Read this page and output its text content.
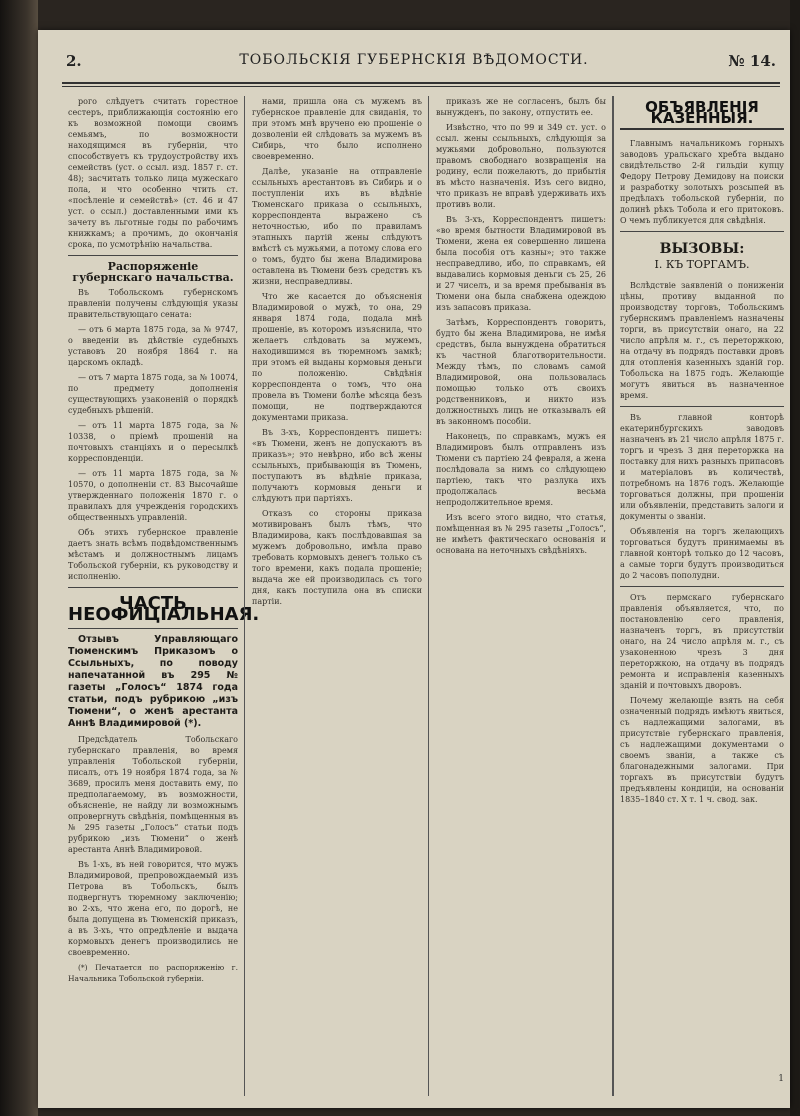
2.	ТОБОЛЬСКІЯ ГУБЕРНСКІЯ ВѢДОМОСТИ.	№ 14.

рого слѣдуетъ считать горестное сестеръ, приближающія состоянію его къ возможной помощи своимъ семьямъ, по возможности находящимся въ губерніи, что способствуетъ къ трудоустройству ихъ семействъ (уст. о ссыл. изд. 1857 г. ст. 48); засчитать только лица мужескаго пола, и что особенно чтить ст. «посѣленіе и семействѣ» (ст. 46 и 47 уст. о ссыл.) доставленными ими къ зачету въ льготные годы по рабочимъ книжкамъ; а прочимъ, до окончанія срока, по усмотрѣнію начальства.

Распоряженіе губернскаго начальства.

Въ Тобольскомъ губернскомъ правленіи получены слѣдующія указы правительствующаго сената:

— отъ 6 марта 1875 года, за № 9747, о введеніи въ дѣйствіе судебныхъ уставовъ 20 ноября 1864 г. на царскомъ окладѣ.

— отъ 7 марта 1875 года, за № 10074, по предмету дополненія существующихъ узаконеній о порядкѣ судебныхъ рѣшеній.

— отъ 11 марта 1875 года, за № 10338, о пріемѣ прошеній на почтовыхъ станціяхъ и о пересылкѣ корреспонденціи.

— отъ 11 марта 1875 года, за № 10570, о дополненіи ст. 83 Высочайше утвержденнаго положенія 1870 г. о правилахъ для учрежденія городскихъ общественныхъ управленій.

Объ этихъ губернское правленіе даетъ знать всѣмъ подвѣдомственнымъ мѣстамъ и должностнымъ лицамъ Тобольской губерніи, къ руководству и исполненію.

ЧАСТЬ НЕОФИЦІАЛЬНАЯ.

Отзывъ Управляющаго Тюменскимъ Приказомъ о Ссыльныхъ, по поводу напечатанной въ 295 № газеты „Голосъ“ 1874 года статьи, подъ рубрикою „изъ Тюмени“, о женѣ арестанта Аннѣ Владимировой (*).

Предсѣдатель Тобольскаго губернскаго правленія, во время управленія Тобольской губерніи, писалъ, отъ 19 ноября 1874 года, за № 3689, просилъ меня доставить ему, по предполагаемому, въ возможности, объясненіе, не найду ли возможнымъ опровергнуть свѣдѣнія, помѣщенныя въ № 295 газеты „Голосъ“ статьи подъ рубрикою „изъ Тюмени“ о женѣ арестанта Аннѣ Владимировой.

Въ 1-хъ, въ ней говорится, что мужъ Владимировой, препровождаемый изъ Петрова въ Тобольскъ, былъ подвергнутъ тюремному заключенію; во 2-хъ, что жена его, по дорогѣ, не была допущена въ Тюменскій приказъ, а въ 3-хъ, что опредѣленіе и выдача кормовыхъ денегъ производились не своевременно.

(*) Печатается по распоряженію г. Начальника Тобольской губерніи.

нами, пришла она съ мужемъ въ губернское правленіе для свиданія, то при этомъ мнѣ вручено ею прошеніе о дозволеніи ей слѣдовать за мужемъ въ Сибирь, что было исполнено своевременно.

Далѣе, указаніе на отправленіе ссыльныхъ арестантовъ въ Сибирь и о поступленіи ихъ въ вѣдѣніе Тюменскаго приказа о ссыльныхъ, корреспондента выражено съ неточностью, ибо по правиламъ этапныхъ партій жены слѣдуютъ вмѣстѣ съ мужьями, а потому слова его о томъ, будто бы жена Владимирова оставлена въ Тюмени безъ средствъ къ жизни, несправедливы.

Что же касается до объясненія Владимировой о мужѣ, то она, 29 января 1874 года, подала мнѣ прошеніе, въ которомъ изъяснила, что желаетъ слѣдовать за мужемъ, находившимся въ тюремномъ замкѣ; при этомъ ей выданы кормовыя деньги по положенію. Свѣдѣнія корреспондента о томъ, что она провела въ Тюмени болѣе мѣсяца безъ помощи, не подтверждаются документами приказа.

Въ 3-хъ, Корреспондентъ пишетъ: «въ Тюмени, женъ не допускаютъ въ приказъ»; это невѣрно, ибо всѣ жены ссыльныхъ, прибывающія въ Тюмень, поступаютъ въ вѣдѣніе приказа, получаютъ кормовыя деньги и слѣдуютъ при партіяхъ.

Отказъ со стороны приказа мотивированъ былъ тѣмъ, что Владимирова, какъ послѣдовавшая за мужемъ добровольно, имѣла право требовать кормовыхъ денегъ только съ того времени, какъ подала прошеніе; выдача же ей производилась съ того дня, какъ поступила она въ списки партіи.

приказъ же не согласенъ, былъ бы вынужденъ, по закону, отпустить ее.

Извѣстно, что по 99 и 349 ст. уст. о ссыл. жены ссыльныхъ, слѣдующія за мужьями добровольно, пользуются правомъ свободнаго возвращенія на родину, если пожелаютъ, до прибытія въ мѣсто назначенія. Изъ сего видно, что приказъ не вправѣ удерживать ихъ противъ воли.

Въ 3-хъ, Корреспондентъ пишетъ: «во время бытности Владимировой въ Тюмени, жена ея совершенно лишена была пособія отъ казны»; это также несправедливо, ибо, по справкамъ, ей выдавались кормовыя деньги съ 25, 26 и 27 чиселъ, и за время пребыванія въ Тюмени она была снабжена одеждою изъ запасовъ приказа.

Затѣмъ, Корреспондентъ говоритъ, будто бы жена Владимирова, не имѣя средствъ, была вынуждена обратиться къ частной благотворительности. Между тѣмъ, по словамъ самой Владимировой, она пользовалась помощью только отъ своихъ родственниковъ, и никто изъ должностныхъ лицъ не отказывалъ ей въ законномъ пособіи.

Наконецъ, по справкамъ, мужъ ея Владимировъ былъ отправленъ изъ Тюмени съ партіею 24 февраля, а жена послѣдовала за нимъ со слѣдующею партіею, такъ что разлука ихъ продолжалась весьма непродолжительное время.

Изъ всего этого видно, что статья, помѣщенная въ № 295 газеты „Голосъ“, не имѣетъ фактическаго основанія и основана на неточныхъ свѣдѣніяхъ.

ОБЪЯВЛЕНІЯ КАЗЕННЫЯ.

Главнымъ начальникомъ горныхъ заводовъ уральскаго хребта выдано свидѣтельство 2-й гильдіи купцу Федору Петрову Демидову на поиски и разработку золотыхъ розсыпей въ предѣлахъ тобольской губерніи, по долинѣ рѣкъ Тобола и его притоковъ. О чемъ публикуется для свѣдѣнія.

ВЫЗОВЫ:
I. КЪ ТОРГАМЪ.

Вслѣдствіе заявленій о пониженіи цѣны, противу выданной по производству торговъ, Тобольскимъ губернскимъ правленіемъ назначены торги, въ присутствіи онаго, на 22 число апрѣля м. г., съ переторжкою, на отдачу въ подрядъ поставки дровъ для отопленія казенныхъ зданій гор. Тобольска на 1875 годъ. Желающіе могутъ явиться въ назначенное время.

Въ главной конторѣ екатеринбургскихъ заводовъ назначенъ въ 21 число апрѣля 1875 г. торгъ и чрезъ 3 дня переторжка на поставку для нихъ разныхъ припасовъ и матеріаловъ въ количествѣ, потребномъ на 1876 годъ. Желающіе торговаться должны, при прошеніи или объявленіи, представить залоги и документы о званіи.

Объявленія на торгъ желающихъ торговаться будутъ принимаемы въ главной конторѣ только до 12 часовъ, а самые торги будутъ производиться до 2 часовъ пополудни.

Отъ пермскаго губернскаго правленія объявляется, что, по постановленію сего правленія, назначенъ торгъ, въ присутствіи онаго, на 24 число апрѣля м. г., съ узаконенною чрезъ 3 дня переторжкою, на отдачу въ подрядъ ремонта и исправленія казенныхъ зданій и почтовыхъ дворовъ.

Почему желающіе взять на себя означенный подрядъ имѣютъ явиться, съ надлежащими залогами, въ присутствіе губернскаго правленія, съ надлежащими документами о своемъ званіи, а также съ благонадежными залогами. При торгахъ въ присутствіи будутъ предъявлены кондиціи, на основаніи 1835–1840 ст. Х т. 1 ч. свод. зак.

1
